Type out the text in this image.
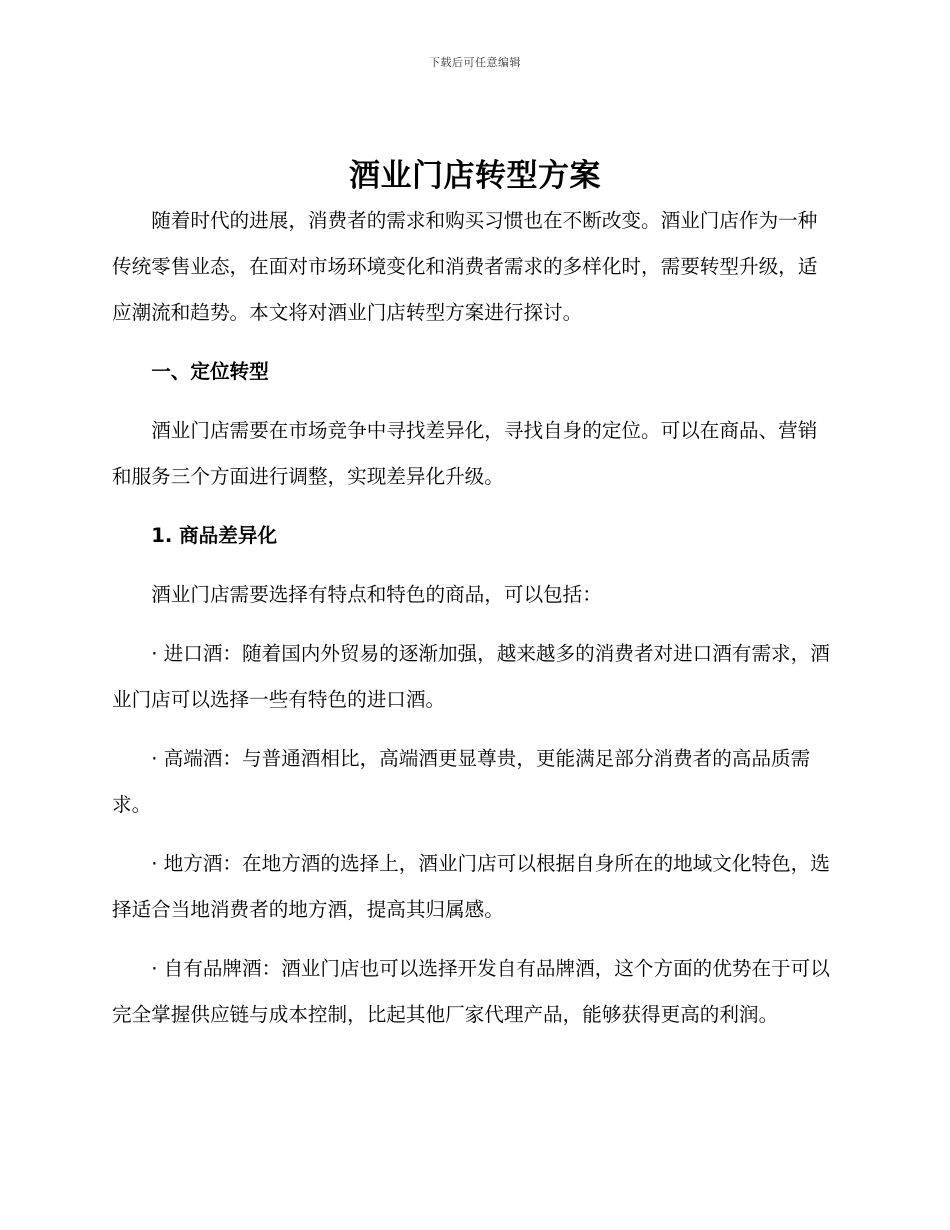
下载后可任意编辑
酒业门店转型方案

随着时代的进展，消费者的需求和购买习惯也在不断改变。酒业门店作为一种传统零售业态，在面对市场环境变化和消费者需求的多样化时，需要转型升级，适应潮流和趋势。本文将对酒业门店转型方案进行探讨。

一、定位转型

酒业门店需要在市场竞争中寻找差异化，寻找自身的定位。可以在商品、营销和服务三个方面进行调整，实现差异化升级。

1. 商品差异化

酒业门店需要选择有特点和特色的商品，可以包括：

· 进口酒：随着国内外贸易的逐渐加强，越来越多的消费者对进口酒有需求，酒业门店可以选择一些有特色的进口酒。

· 高端酒：与普通酒相比，高端酒更显尊贵，更能满足部分消费者的高品质需求。

· 地方酒：在地方酒的选择上，酒业门店可以根据自身所在的地域文化特色，选择适合当地消费者的地方酒，提高其归属感。

· 自有品牌酒：酒业门店也可以选择开发自有品牌酒，这个方面的优势在于可以完全掌握供应链与成本控制，比起其他厂家代理产品，能够获得更高的利润。
